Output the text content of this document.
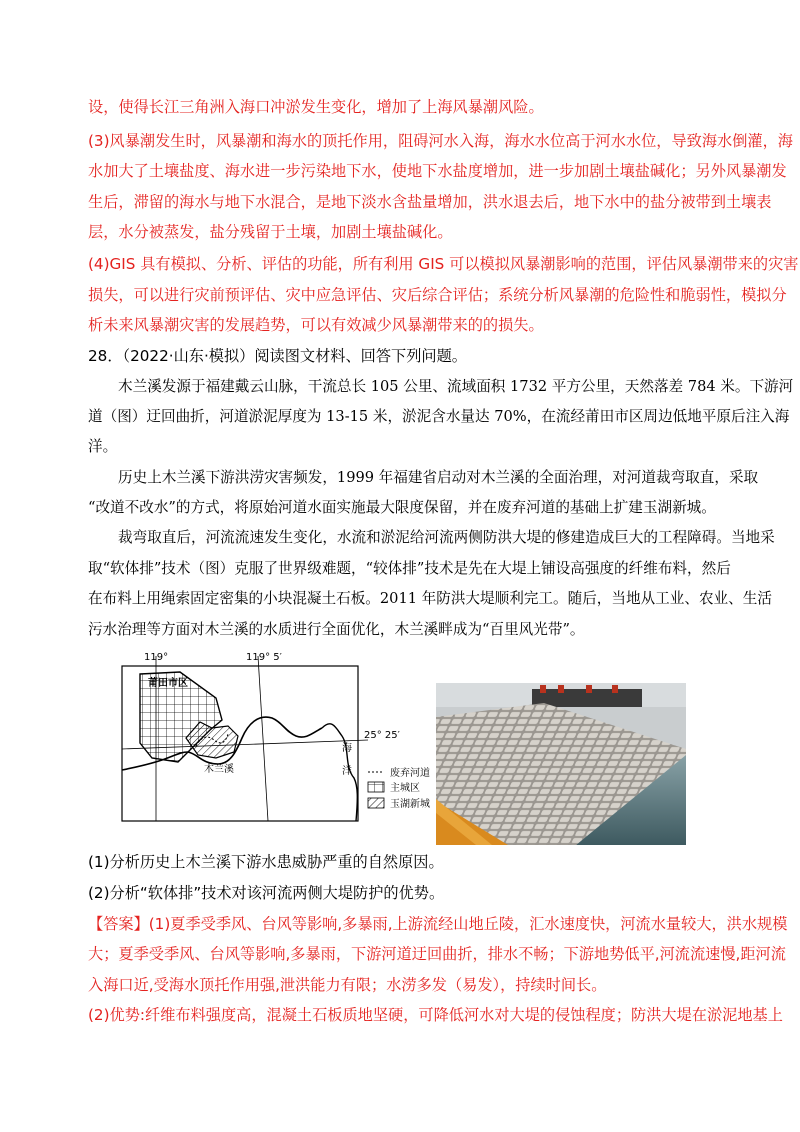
设，使得长江三角洲入海口冲淤发生变化，增加了上海风暴潮风险。
(3)风暴潮发生时，风暴潮和海水的顶托作用，阻碍河水入海，海水水位高于河水水位，导致海水倒灌，海
水加大了土壤盐度、海水进一步污染地下水，使地下水盐度增加，进一步加剧土壤盐碱化；另外风暴潮发
生后，滞留的海水与地下水混合，是地下淡水含盐量增加，洪水退去后，地下水中的盐分被带到土壤表
层，水分被蒸发，盐分残留于土壤，加剧土壤盐碱化。
(4)GIS 具有模拟、分析、评估的功能，所有利用 GIS 可以模拟风暴潮影响的范围，评估风暴潮带来的灾害
损失，可以进行灾前预评估、灾中应急评估、灾后综合评估；系统分析风暴潮的危险性和脆弱性，模拟分
析未来风暴潮灾害的发展趋势，可以有效减少风暴潮带来的的损失。
28．（2022·山东·模拟）阅读图文材料、回答下列问题。
木兰溪发源于福建戴云山脉，干流总长 105 公里、流域面积 1732 平方公里，天然落差 784 米。下游河
道（图）迂回曲折，河道淤泥厚度为 13-15 米，淤泥含水量达 70%，在流经莆田市区周边低地平原后注入海
洋。
历史上木兰溪下游洪涝灾害频发，1999 年福建省启动对木兰溪的全面治理，对河道裁弯取直，采取
“改道不改水”的方式，将原始河道水面实施最大限度保留，并在废弃河道的基础上扩建玉湖新城。
裁弯取直后，河流流速发生变化，水流和淤泥给河流两侧防洪大堤的修建造成巨大的工程障碍。当地采
取“软体排”技术（图）克服了世界级难题，“较体排”技术是先在大堤上铺设高强度的纤维布料，然后
在布料上用绳索固定密集的小块混凝土石板。2011 年防洪大堤顺利完工。随后，当地从工业、农业、生活
污水治理等方面对木兰溪的水质进行全面优化，木兰溪畔成为“百里风光带”。
119°	119° 5′
25° 25′
莆田市区
木兰溪
海
洋	废弃河道
主城区
玉湖新城
(1)分析历史上木兰溪下游水患威胁严重的自然原因。
(2)分析“软体排”技术对该河流两侧大堤防护的优势。
【答案】(1)夏季受季风、台风等影响,多暴雨,上游流经山地丘陵，汇水速度快，河流水量较大，洪水规模
大；夏季受季风、台风等影响,多暴雨，下游河道迂回曲折，排水不畅；下游地势低平,河流流速慢,距河流
入海口近,受海水顶托作用强,泄洪能力有限；水涝多发（易发），持续时间长。
(2)优势:纤维布料强度高，混凝土石板质地坚硬，可降低河水对大堤的侵蚀程度；防洪大堤在淤泥地基上
